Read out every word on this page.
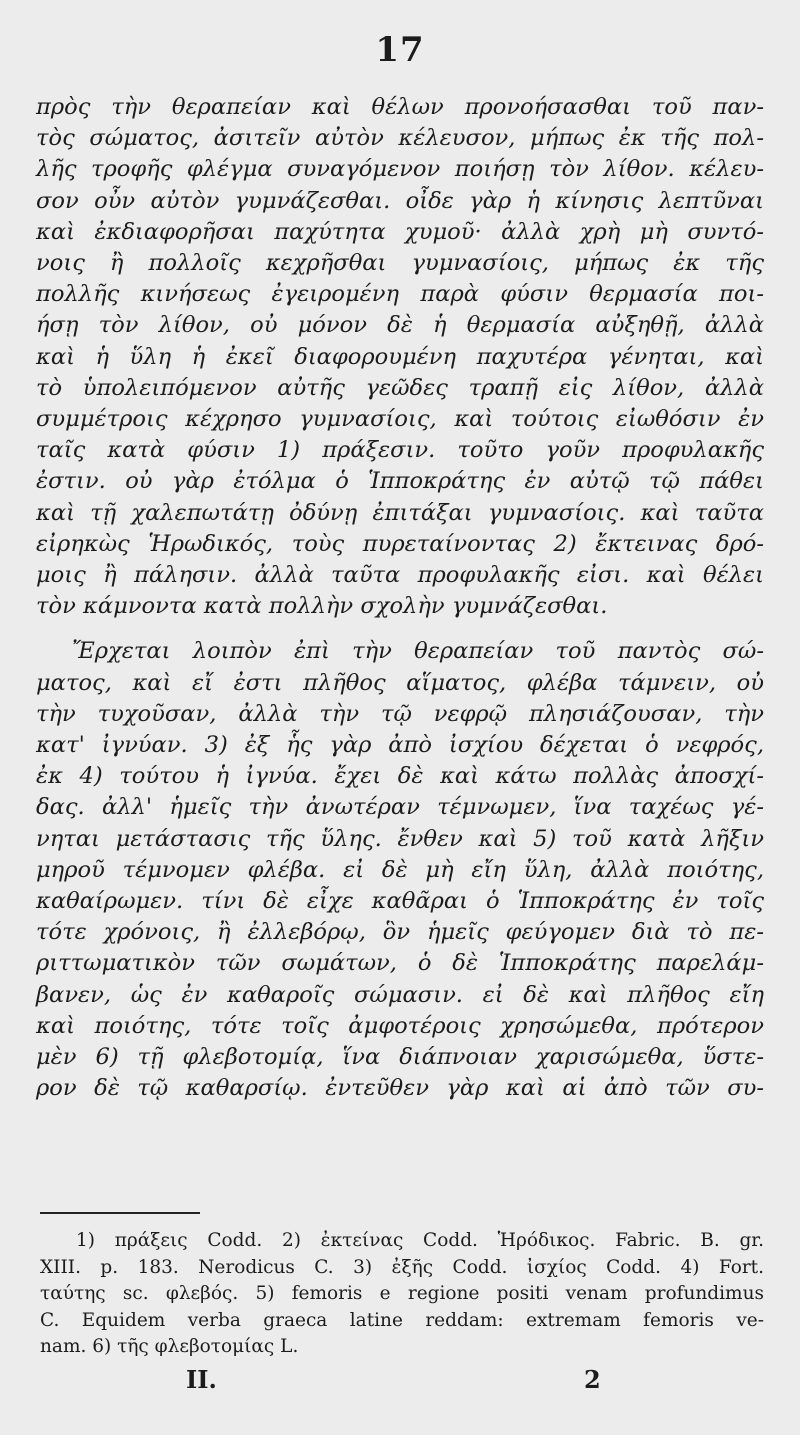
17
πρὸς τὴν θεραπείαν καὶ θέλων προνοήσασθαι τοῦ παν-
τὸς σώματος, ἀσιτεῖν αὐτὸν κέλευσον, μήπως ἐκ τῆς πολ-
λῆς τροφῆς φλέγμα συναγόμενον ποιήσῃ τὸν λίθον. κέλευ-
σον οὖν αὐτὸν γυμνάζεσθαι. οἶδε γὰρ ἡ κίνησις λεπτῦναι
καὶ ἐκδιαφορῆσαι παχύτητα χυμοῦ· ἀλλὰ χρὴ μὴ συντό-
νοις ἢ πολλοῖς κεχρῆσθαι γυμνασίοις, μήπως ἐκ τῆς
πολλῆς κινήσεως ἐγειρομένη παρὰ φύσιν θερμασία ποι-
ήσῃ τὸν λίθον, οὐ μόνον δὲ ἡ θερμασία αὐξηθῇ, ἀλλὰ
καὶ ἡ ὕλη ἡ ἐκεῖ διαφορουμένη παχυτέρα γένηται, καὶ
τὸ ὑπολειπόμενον αὐτῆς γεῶδες τραπῇ εἰς λίθον, ἀλλὰ
συμμέτροις κέχρησο γυμνασίοις, καὶ τούτοις εἰωθόσιν ἐν
ταῖς κατὰ φύσιν 1) πράξεσιν. τοῦτο γοῦν προφυλακῆς
ἐστιν. οὐ γὰρ ἐτόλμα ὁ Ἱπποκράτης ἐν αὐτῷ τῷ πάθει
καὶ τῇ χαλεπωτάτῃ ὀδύνῃ ἐπιτάξαι γυμνασίοις. καὶ ταῦτα
εἰρηκὼς Ἡρωδικός, τοὺς πυρεταίνοντας 2) ἔκτεινας δρό-
μοις ἢ πάλησιν. ἀλλὰ ταῦτα προφυλακῆς εἰσι. καὶ θέλει
τὸν κάμνοντα κατὰ πολλὴν σχολὴν γυμνάζεσθαι.
Ἔρχεται λοιπὸν ἐπὶ τὴν θεραπείαν τοῦ παντὸς σώ-
ματος, καὶ εἴ ἐστι πλῆθος αἵματος, φλέβα τάμνειν, οὐ
τὴν τυχοῦσαν, ἀλλὰ τὴν τῷ νεφρῷ πλησιάζουσαν, τὴν
κατ' ἰγνύαν. 3) ἐξ ἧς γὰρ ἀπὸ ἰσχίου δέχεται ὁ νεφρός,
ἐκ 4) τούτου ἡ ἰγνύα. ἔχει δὲ καὶ κάτω πολλὰς ἀποσχί-
δας. ἀλλ' ἡμεῖς τὴν ἀνωτέραν τέμνωμεν, ἵνα ταχέως γέ-
νηται μετάστασις τῆς ὕλης. ἔνθεν καὶ 5) τοῦ κατὰ λῆξιν
μηροῦ τέμνομεν φλέβα. εἰ δὲ μὴ εἴη ὕλη, ἀλλὰ ποιότης,
καθαίρωμεν. τίνι δὲ εἶχε καθᾶραι ὁ Ἱπποκράτης ἐν τοῖς
τότε χρόνοις, ἢ ἐλλεβόρῳ, ὃν ἡμεῖς φεύγομεν διὰ τὸ πε-
ριττωματικὸν τῶν σωμάτων, ὁ δὲ Ἱπποκράτης παρελάμ-
βανεν, ὡς ἐν καθαροῖς σώμασιν. εἰ δὲ καὶ πλῆθος εἴη
καὶ ποιότης, τότε τοῖς ἀμφοτέροις χρησώμεθα, πρότερον
μὲν 6) τῇ φλεβοτομίᾳ, ἵνα διάπνοιαν χαρισώμεθα, ὕστε-
ρον δὲ τῷ καθαρσίῳ. ἐντεῦθεν γὰρ καὶ αἱ ἀπὸ τῶν συ-
1) πράξεις Codd. 2) ἐκτείνας Codd. Ἡρόδικος. Fabric. B. gr.
XIII. p. 183. Nerodicus C. 3) ἐξῆς Codd. ἰσχίος Codd. 4) Fort.
ταύτης sc. φλεβός. 5) femoris e regione positi venam profundimus
C. Equidem verba graeca latine reddam: extremam femoris ve-
nam. 6) τῆς φλεβοτομίας L.
II.	2
